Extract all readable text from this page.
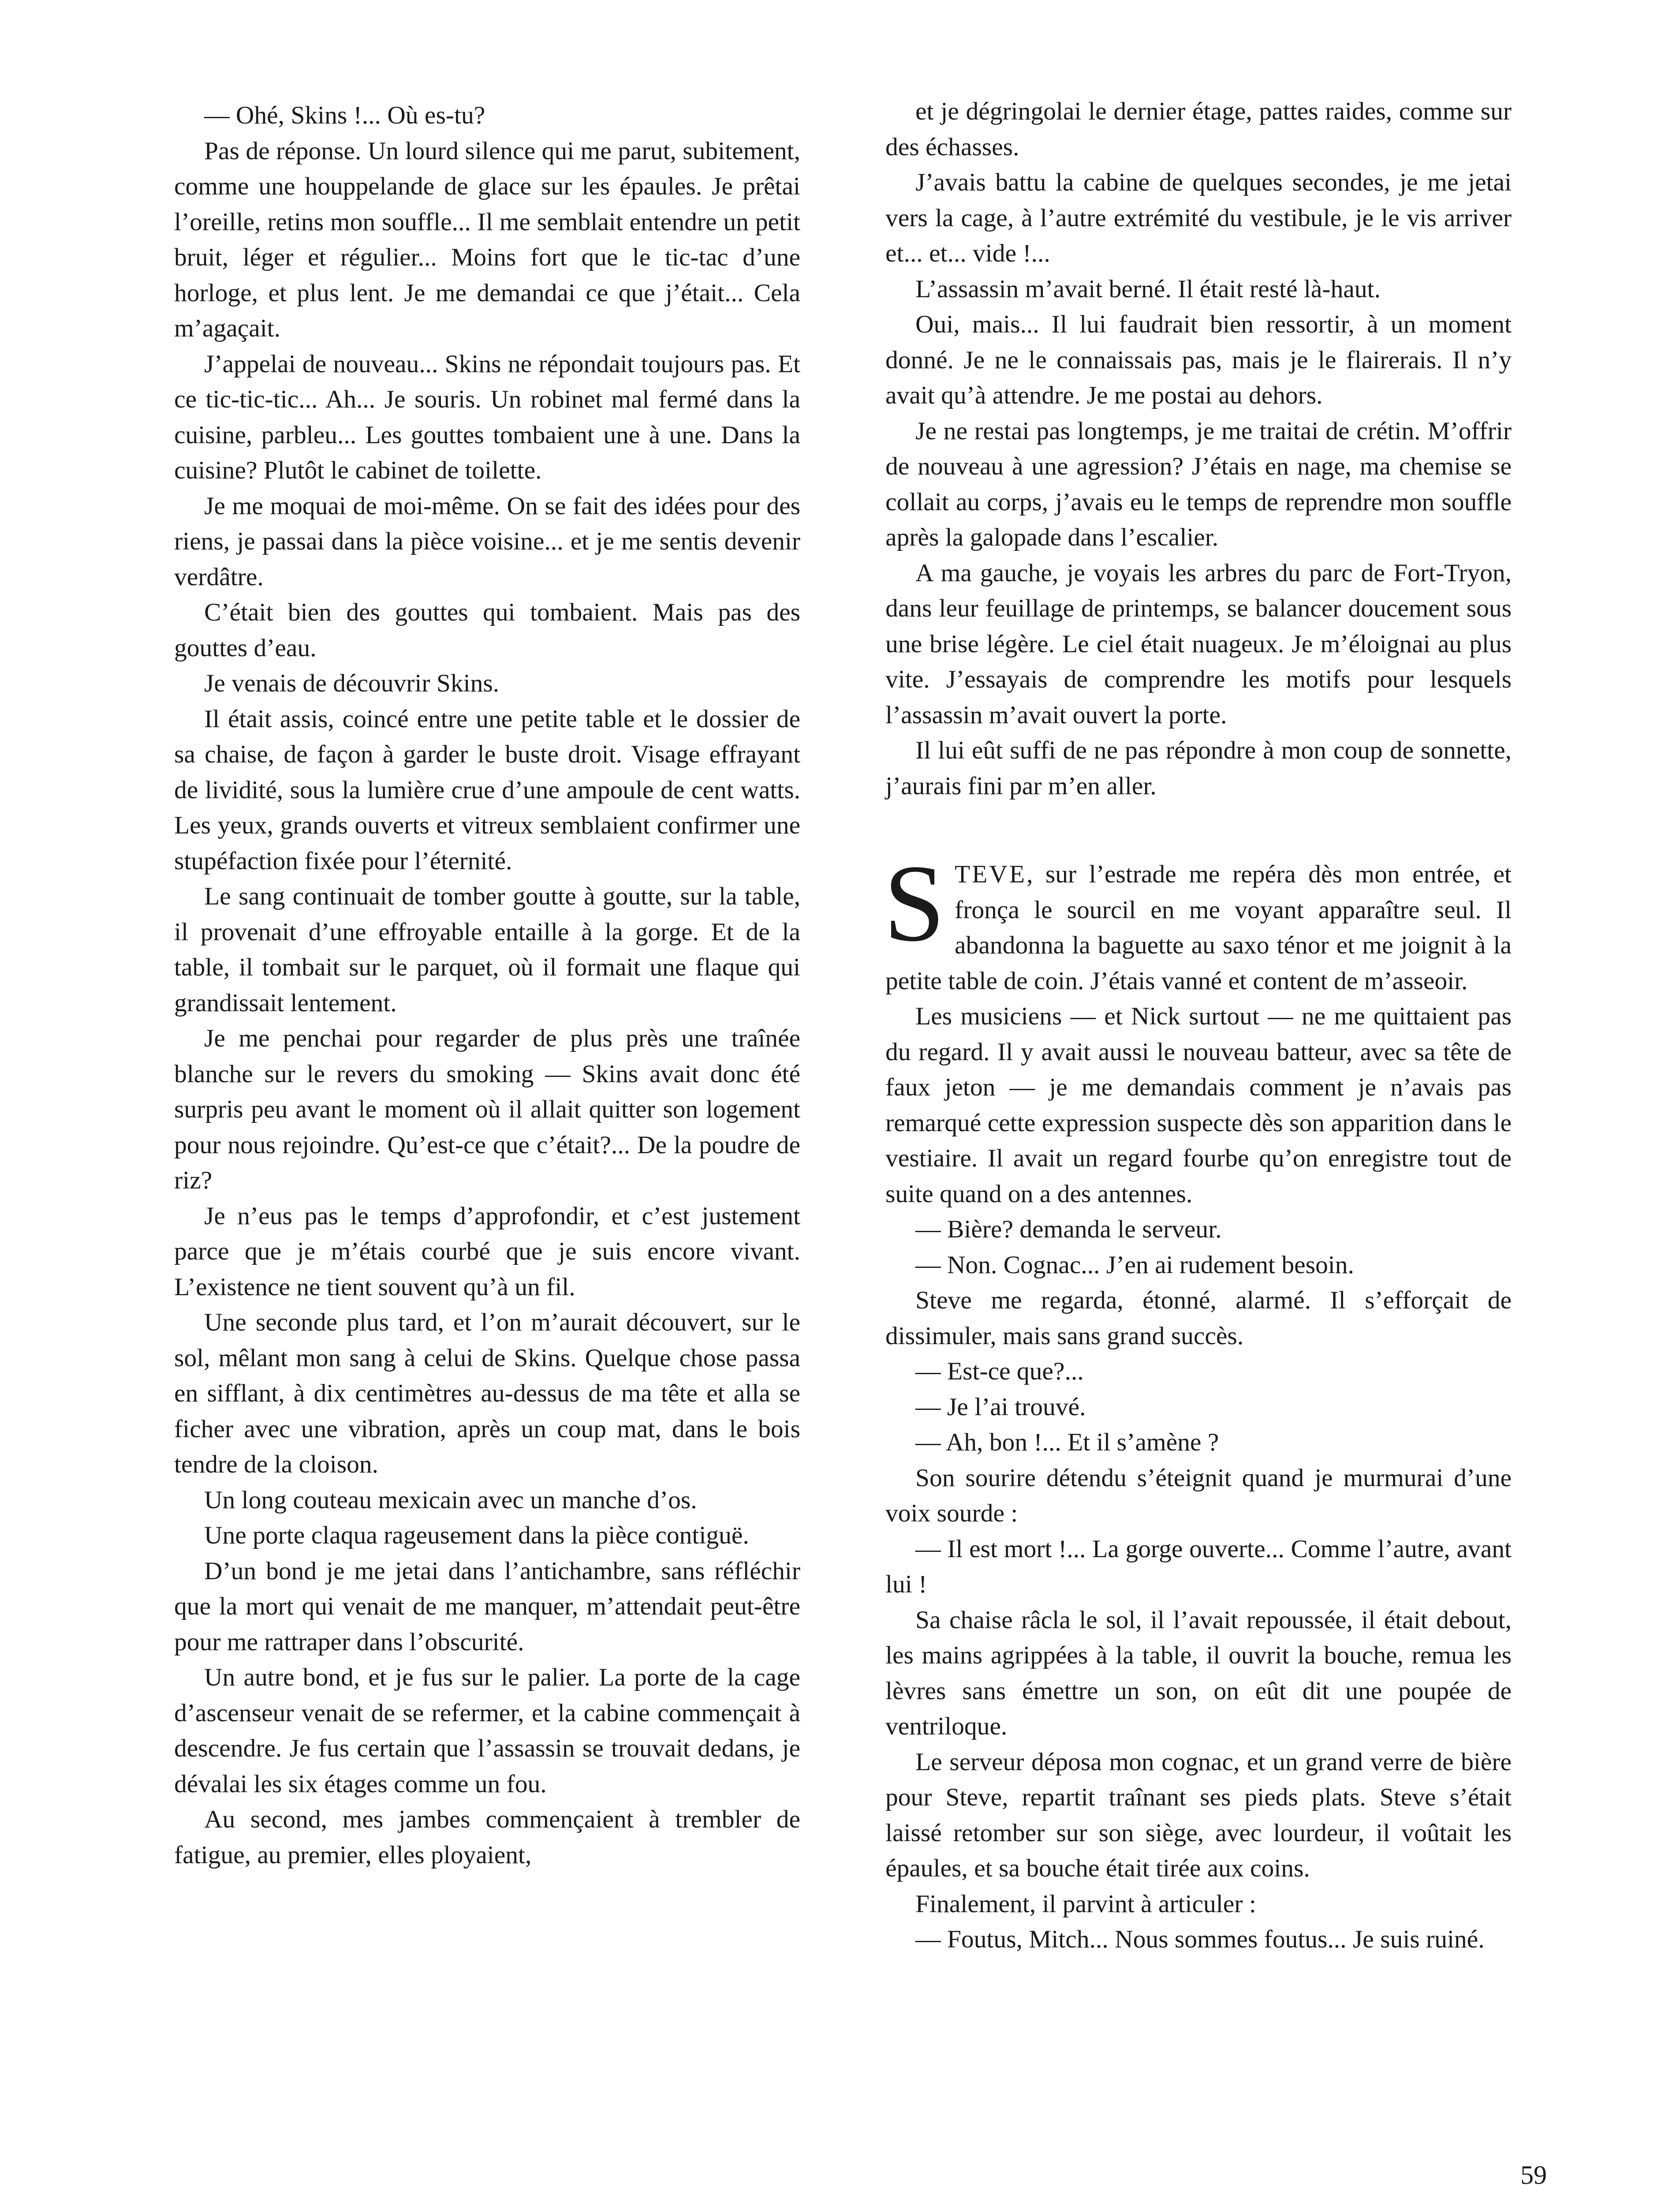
— Ohé, Skins !... Où es-tu?

Pas de réponse. Un lourd silence qui me parut, subitement, comme une houppelande de glace sur les épaules. Je prêtai l’oreille, retins mon souffle... Il me semblait entendre un petit bruit, léger et régulier... Moins fort que le tic-tac d’une horloge, et plus lent. Je me demandai ce que j’était... Cela m’agaçait.

J’appelai de nouveau... Skins ne répondait toujours pas. Et ce tic-tic-tic... Ah... Je souris. Un robinet mal fermé dans la cuisine, parbleu... Les gouttes tombaient une à une. Dans la cuisine? Plutôt le cabinet de toilette.

Je me moquai de moi-même. On se fait des idées pour des riens, je passai dans la pièce voisine... et je me sentis devenir verdâtre.

C’était bien des gouttes qui tombaient. Mais pas des gouttes d’eau.

Je venais de découvrir Skins.

Il était assis, coincé entre une petite table et le dossier de sa chaise, de façon à garder le buste droit. Visage effrayant de lividité, sous la lumière crue d’une ampoule de cent watts. Les yeux, grands ouverts et vitreux semblaient confirmer une stupéfaction fixée pour l’éternité.

Le sang continuait de tomber goutte à goutte, sur la table, il provenait d’une effroyable entaille à la gorge. Et de la table, il tombait sur le parquet, où il formait une flaque qui grandissait lentement.

Je me penchai pour regarder de plus près une traînée blanche sur le revers du smoking — Skins avait donc été surpris peu avant le moment où il allait quitter son logement pour nous rejoindre. Qu’est-ce que c’était?... De la poudre de riz?

Je n’eus pas le temps d’approfondir, et c’est justement parce que je m’étais courbé que je suis encore vivant. L’existence ne tient souvent qu’à un fil.

Une seconde plus tard, et l’on m’aurait découvert, sur le sol, mêlant mon sang à celui de Skins. Quelque chose passa en sifflant, à dix centimètres au-dessus de ma tête et alla se ficher avec une vibration, après un coup mat, dans le bois tendre de la cloison.

Un long couteau mexicain avec un manche d’os.

Une porte claqua rageusement dans la pièce contiguë.

D’un bond je me jetai dans l’antichambre, sans réfléchir que la mort qui venait de me manquer, m’attendait peut-être pour me rattraper dans l’obscurité.

Un autre bond, et je fus sur le palier. La porte de la cage d’ascenseur venait de se refermer, et la cabine commençait à descendre. Je fus certain que l’assassin se trouvait dedans, je dévalai les six étages comme un fou.

Au second, mes jambes commençaient à trembler de fatigue, au premier, elles ployaient,

et je dégringolai le dernier étage, pattes raides, comme sur des échasses.

J’avais battu la cabine de quelques secondes, je me jetai vers la cage, à l’autre extrémité du vestibule, je le vis arriver et... et... vide !...

L’assassin m’avait berné. Il était resté là-haut.

Oui, mais... Il lui faudrait bien ressortir, à un moment donné. Je ne le connaissais pas, mais je le flairerais. Il n’y avait qu’à attendre. Je me postai au dehors.

Je ne restai pas longtemps, je me traitai de crétin. M’offrir de nouveau à une agression? J’étais en nage, ma chemise se collait au corps, j’avais eu le temps de reprendre mon souffle après la galopade dans l’escalier.

A ma gauche, je voyais les arbres du parc de Fort-Tryon, dans leur feuillage de printemps, se balancer doucement sous une brise légère. Le ciel était nuageux. Je m’éloignai au plus vite. J’essayais de comprendre les motifs pour lesquels l’assassin m’avait ouvert la porte.

Il lui eût suffi de ne pas répondre à mon coup de sonnette, j’aurais fini par m’en aller.

STEVE, sur l’estrade me repéra dès mon entrée, et fronça le sourcil en me voyant apparaître seul. Il abandonna la baguette au saxo ténor et me joignit à la petite table de coin. J’étais vanné et content de m’asseoir.

Les musiciens — et Nick surtout — ne me quittaient pas du regard. Il y avait aussi le nouveau batteur, avec sa tête de faux jeton — je me demandais comment je n’avais pas remarqué cette expression suspecte dès son apparition dans le vestiaire. Il avait un regard fourbe qu’on enregistre tout de suite quand on a des antennes.

— Bière? demanda le serveur.

— Non. Cognac... J’en ai rudement besoin.

Steve me regarda, étonné, alarmé. Il s’efforçait de dissimuler, mais sans grand succès.

— Est-ce que?...

— Je l’ai trouvé.

— Ah, bon !... Et il s’amène ?

Son sourire détendu s’éteignit quand je murmurai d’une voix sourde :

— Il est mort !... La gorge ouverte... Comme l’autre, avant lui !

Sa chaise râcla le sol, il l’avait repoussée, il était debout, les mains agrippées à la table, il ouvrit la bouche, remua les lèvres sans émettre un son, on eût dit une poupée de ventriloque.

Le serveur déposa mon cognac, et un grand verre de bière pour Steve, repartit traînant ses pieds plats. Steve s’était laissé retomber sur son siège, avec lourdeur, il voûtait les épaules, et sa bouche était tirée aux coins.

Finalement, il parvint à articuler :

— Foutus, Mitch... Nous sommes foutus... Je suis ruiné.

59
